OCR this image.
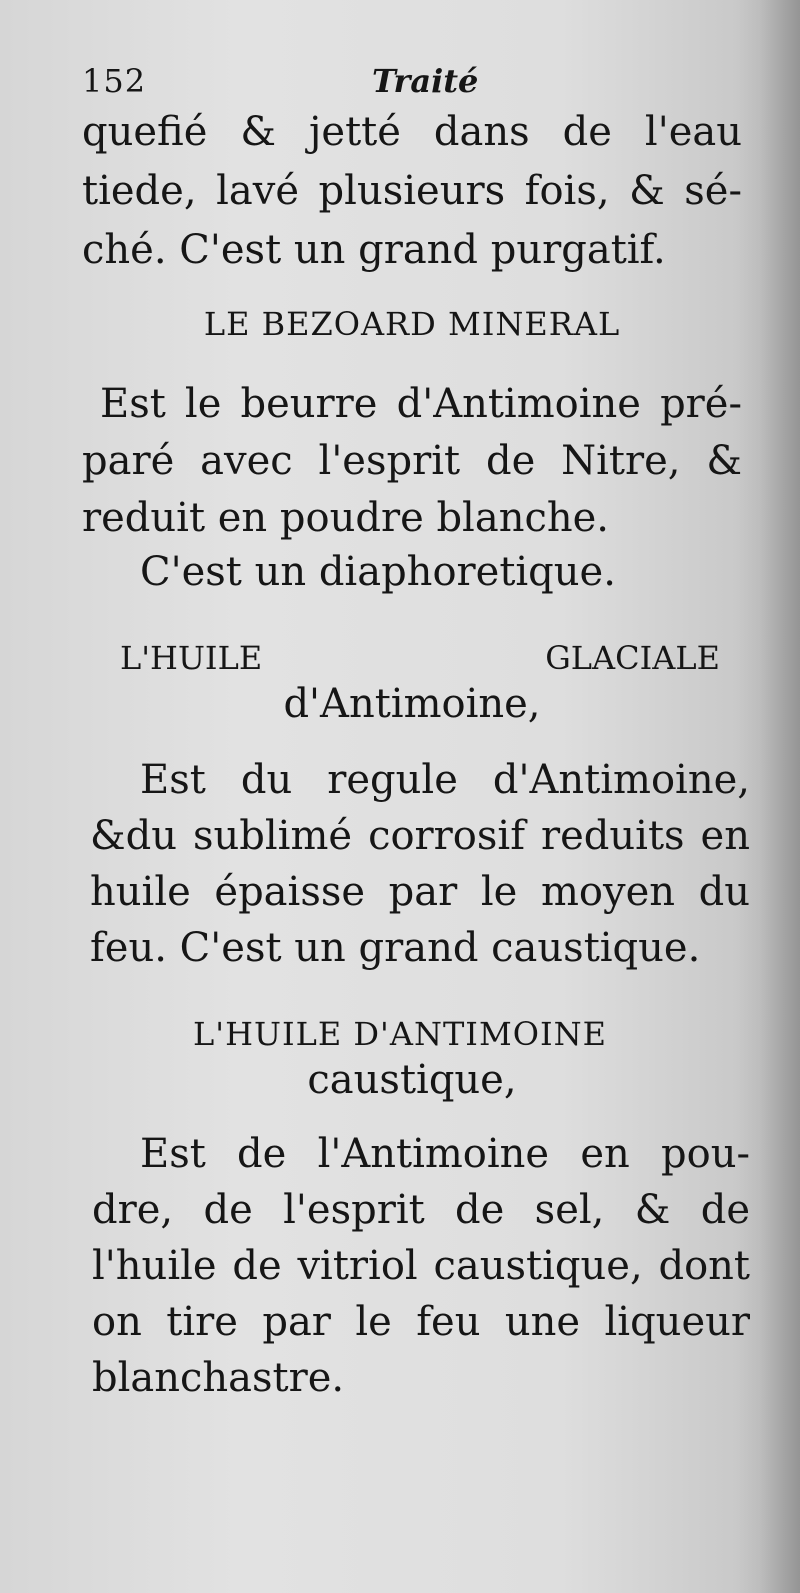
152	Traité
quefié & jetté dans de l'eau
tiede, lavé plusieurs fois, & sé-
ché. C'est un grand purgatif.
LE BEZOARD MINERAL
Est le beurre d'Antimoine pré-
paré avec l'esprit de Nitre, &
reduit en poudre blanche.
C'est un diaphoretique.
L'HUILE GLACIALE
d'Antimoine,
Est du regule d'Antimoine,
&du sublimé corrosif reduits en
huile épaisse par le moyen du
feu. C'est un grand caustique.
L'HUILE D'ANTIMOINE
caustique,
Est de l'Antimoine en pou-
dre, de l'esprit de sel, & de
l'huile de vitriol caustique, dont
on tire par le feu une liqueur
blanchastre.
